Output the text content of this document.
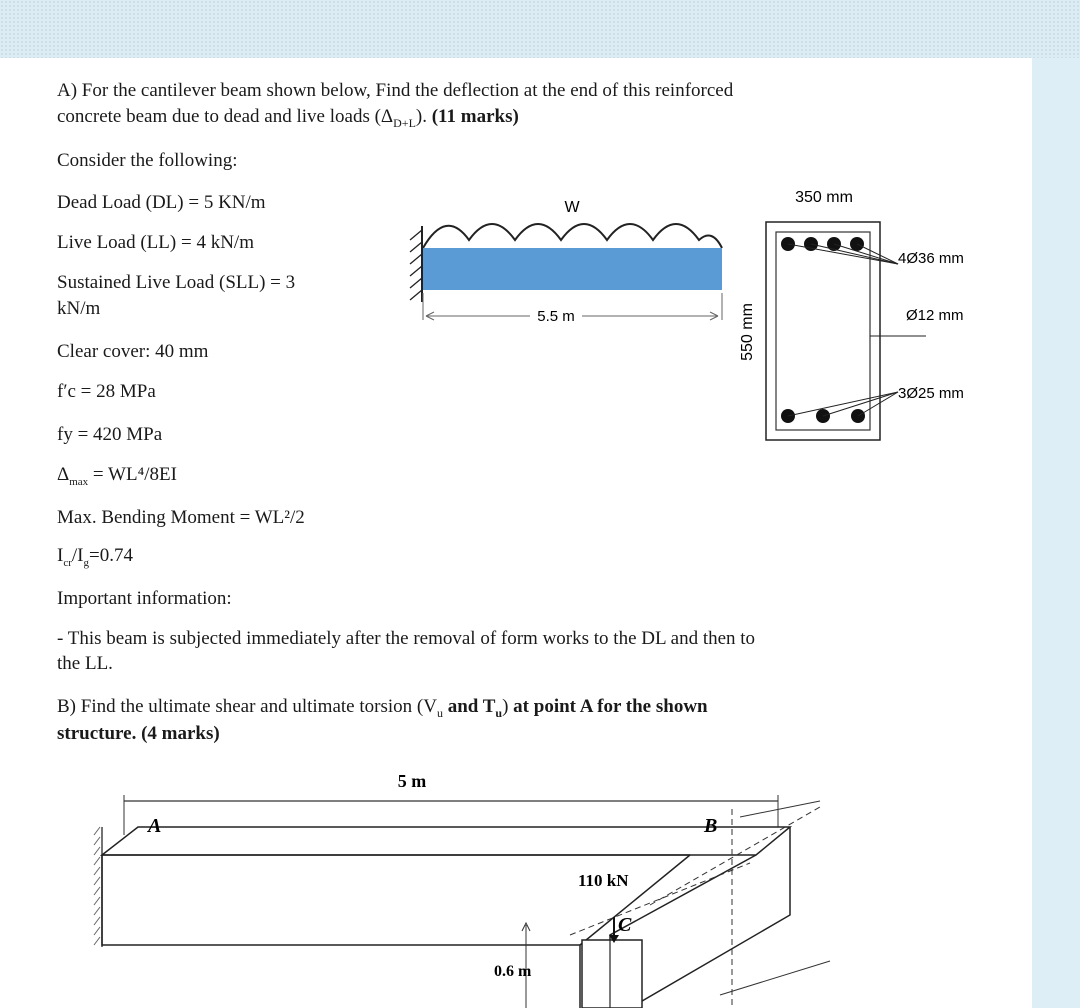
A) For the cantilever beam shown below, Find the deflection at the end of this reinforced
concrete beam due to dead and live loads $(\Delta_{D+L})$. (11 marks)
Consider the following:
Dead Load (DL) = 5 KN/m
Live Load (LL) = 4 kN/m
Sustained Live Load (SLL) = 3
kN/m
Clear cover: 40 mm
f′c = 28 MPa
fy = 420 MPa
$\Delta_{max} = WL^4/8EI$
Max. Bending Moment = WL²/2
$I_{cr}/I_g=0.74$
Important information:
- This beam is subjected immediately after the removal of form works to the DL and then to
the LL.
B) Find the ultimate shear and ultimate torsion ($V_u$ and $T_u$) at point A for the shown
structure. (4 marks)
W
5.5 m
350 mm
550 mm
4Ø36 mm
Ø12 mm
3Ø25 mm
5 m
A	B
C
110 kN
0.6 m
